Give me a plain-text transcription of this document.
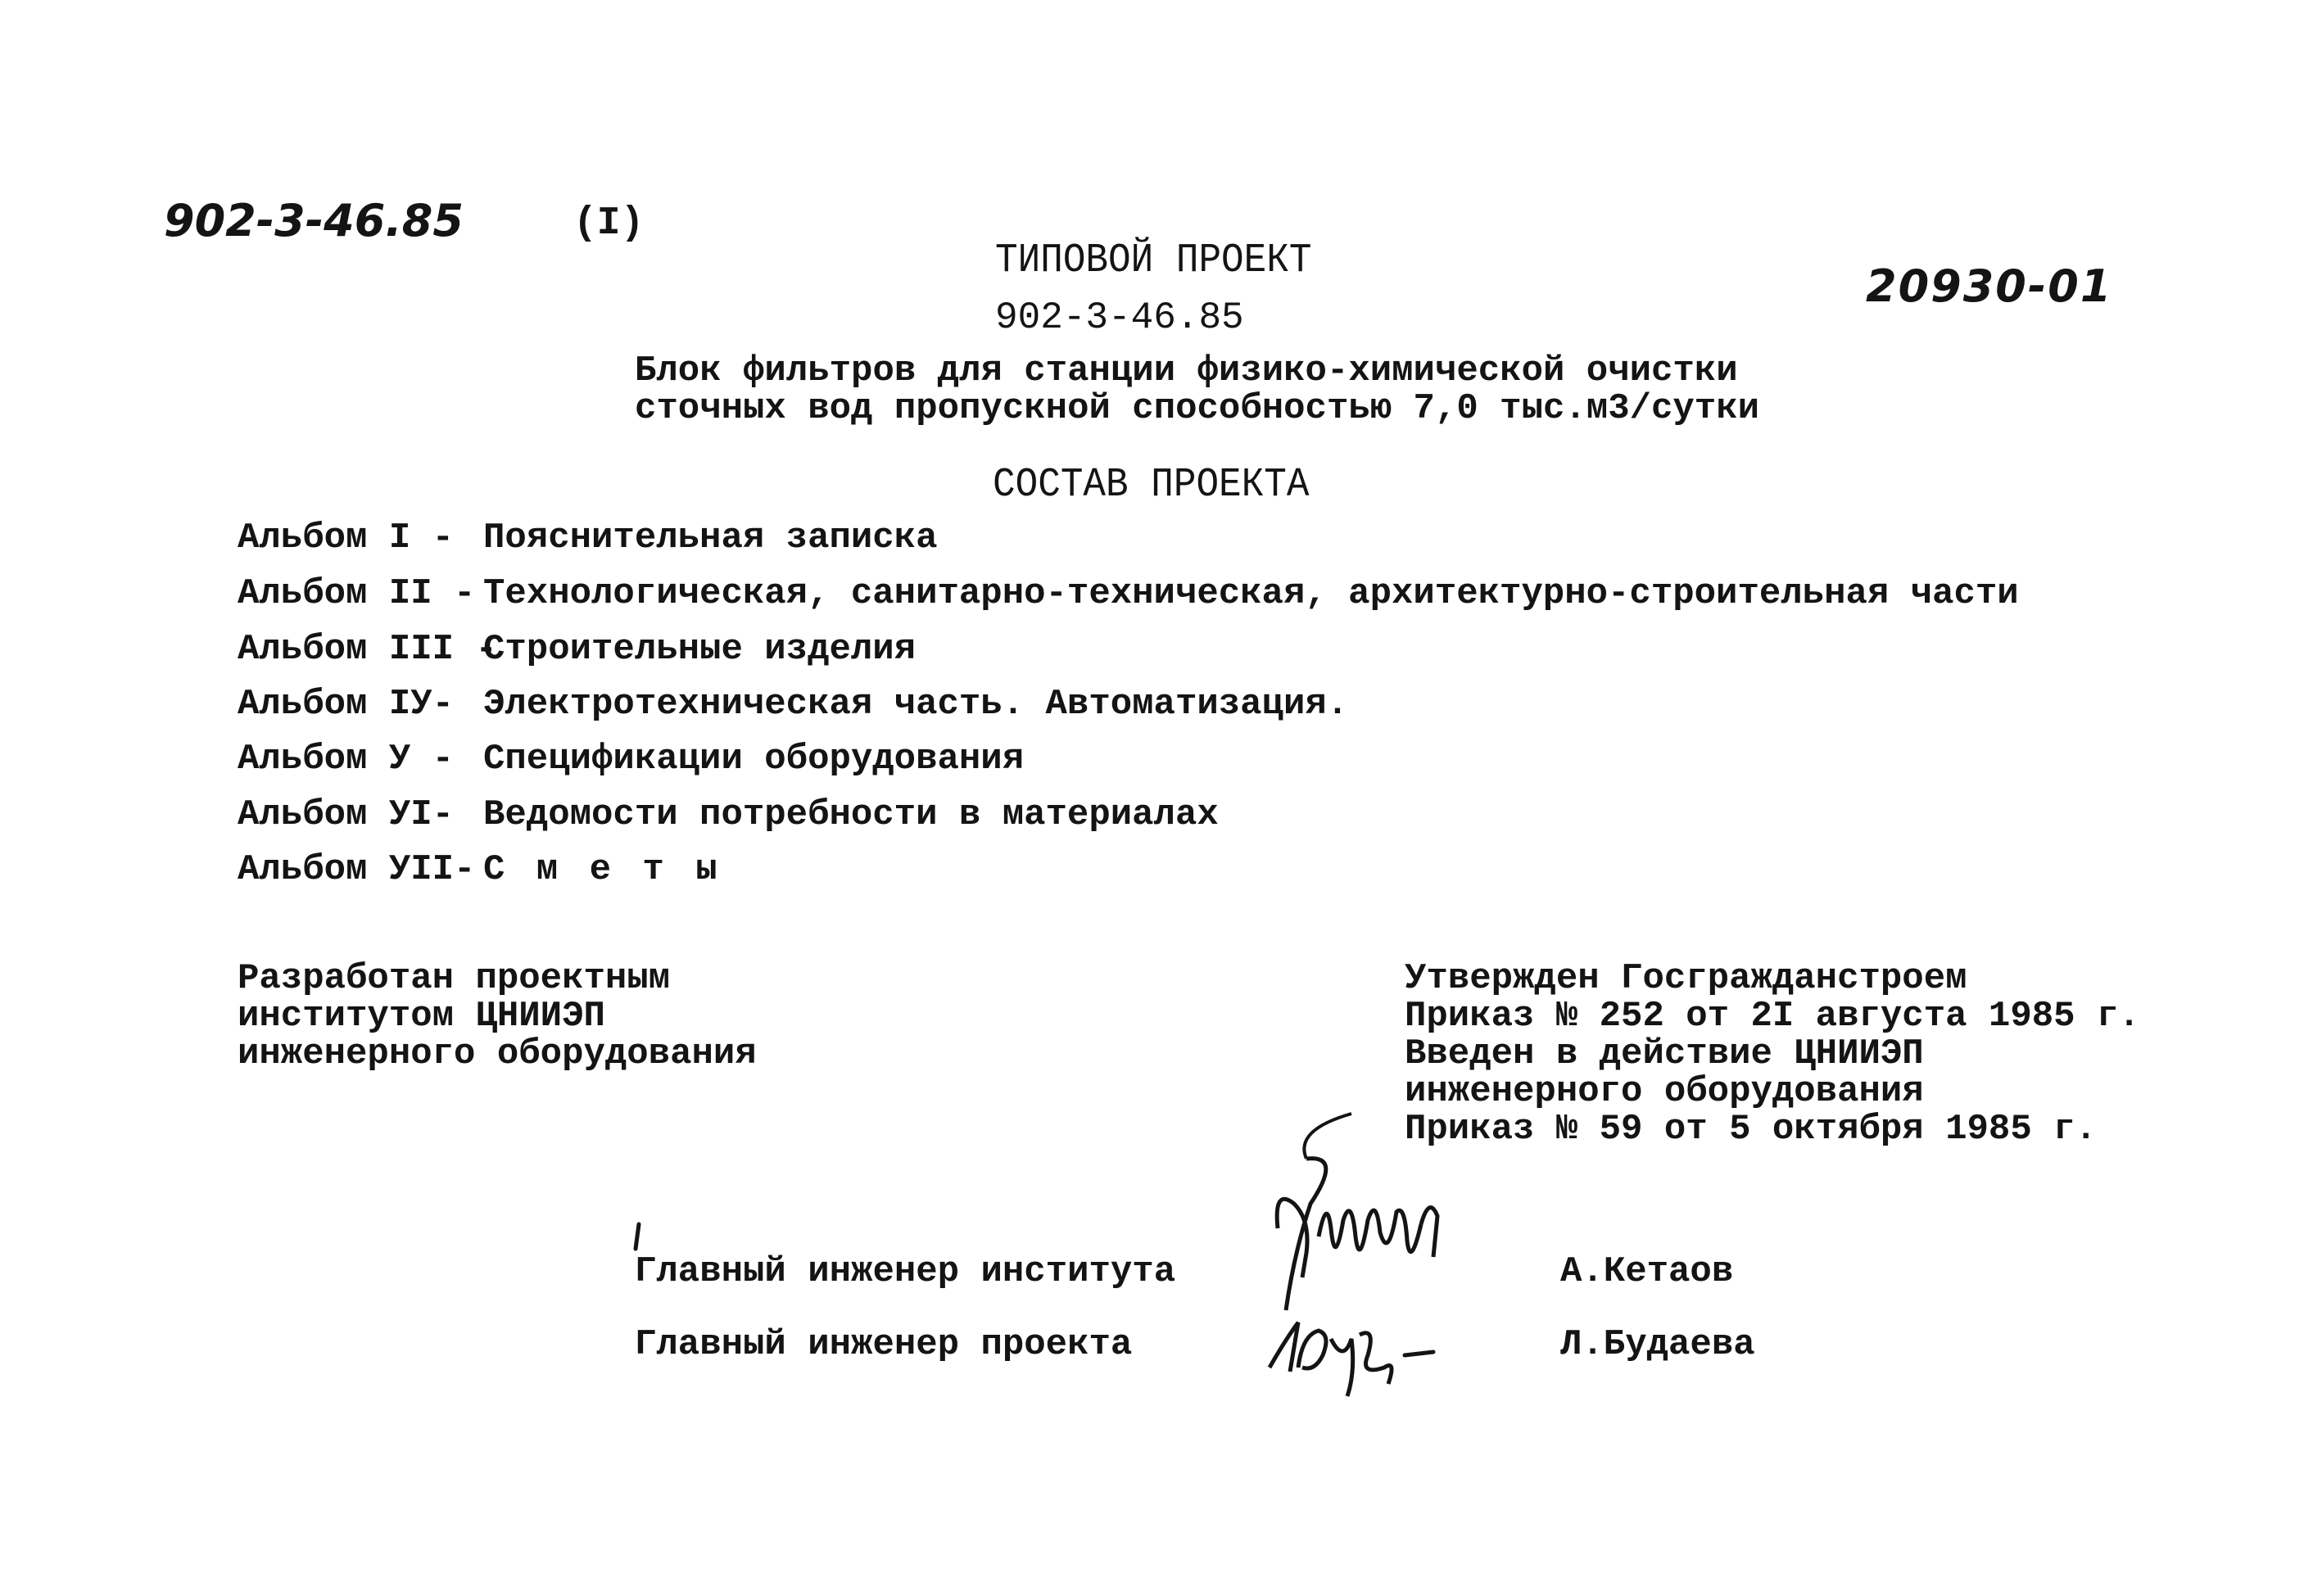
902-3-46.85	(I)
20930-01
ТИПОВОЙ ПРОЕКТ
902-3-46.85
Блок фильтров для станции физико-химической очистки
сточных вод пропускной способностью 7,0 тыс.м3/сутки
СОСТАВ ПРОЕКТА
Альбом I - Пояснительная записка
Альбом II - Технологическая, санитарно-техническая, архитектурно-строительная части
Альбом III -Строительные изделия
Альбом IУ- Электротехническая часть. Автоматизация.
Альбом У - Спецификации оборудования
Альбом УI- Ведомости потребности в материалах
Альбом УII- С м е т ы
Разработан проектным
институтом ЦНИИЭП
инженерного оборудования
Утвержден Госгражданстроем
Приказ № 252 от 2I августа 1985 г.
Введен в действие ЦНИИЭП
инженерного оборудования
Приказ № 59 от 5 октября 1985 г.
Главный инженер института	А.Кетаов
Главный инженер проекта	Л.Будаева
